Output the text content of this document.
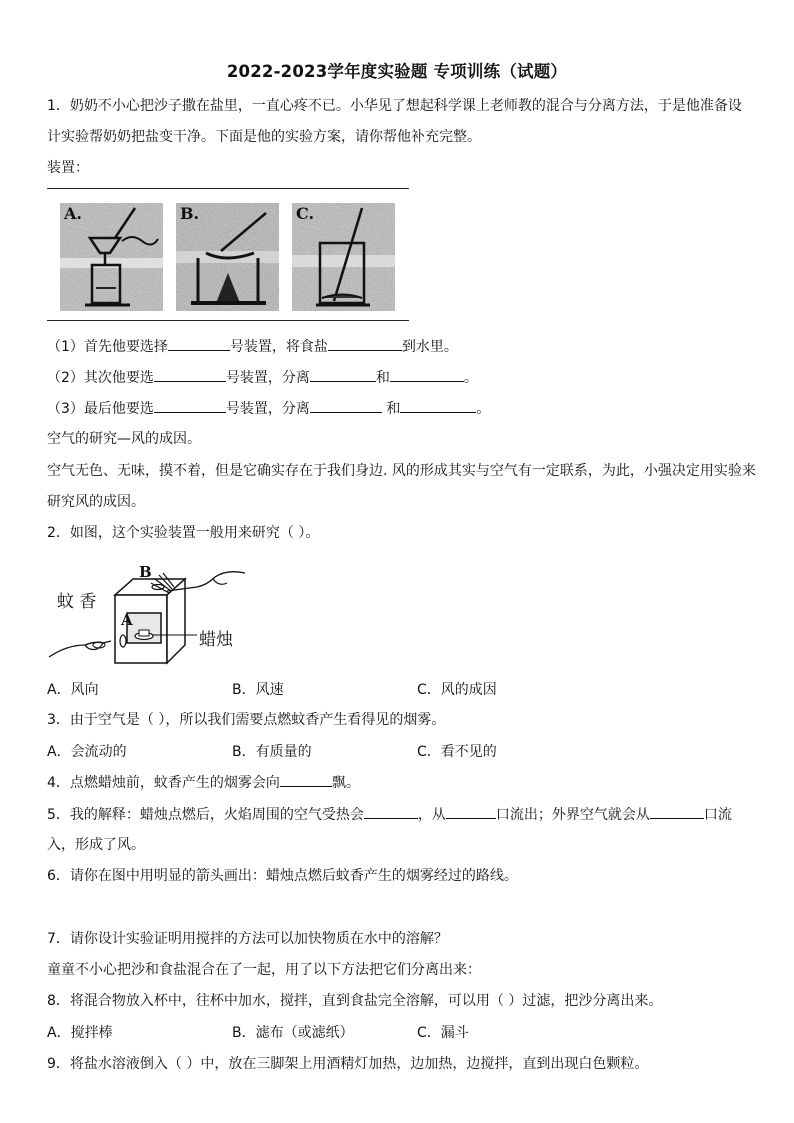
2022-2023学年度实验题 专项训练（试题）
1．奶奶不小心把沙子撒在盐里，一直心疼不已。小华见了想起科学课上老师教的混合与分离方法，于是他准备设
计实验帮奶奶把盐变干净。下面是他的实验方案，请你帮他补充完整。
装置：
A.	B.	C.
（1）首先他要选择	号装置，将食盐	到水里。
（2）其次他要选	号装置，分离	和	。
（3）最后他要选	号装置，分离	和	。
空气的研究—风的成因。
空气无色、无味，摸不着，但是它确实存在于我们身边. 风的形成其实与空气有一定联系，为此，小强决定用实验来
研究风的成因。
2．如图，这个实验装置一般用来研究（ ）。
蚊 香
A
B
蜡烛
A．风向	B．风速	C．风的成因
3．由于空气是（ ），所以我们需要点燃蚊香产生看得见的烟雾。
A．会流动的	B．有质量的	C．看不见的
4．点燃蜡烛前，蚊香产生的烟雾会向	飘。
5．我的解释：蜡烛点燃后，火焰周围的空气受热会	，从	口流出；外界空气就会从	口流
入，形成了风。
6．请你在图中用明显的箭头画出：蜡烛点燃后蚊香产生的烟雾经过的路线。
7．请你设计实验证明用搅拌的方法可以加快物质在水中的溶解？
童童不小心把沙和食盐混合在了一起，用了以下方法把它们分离出来：
8．将混合物放入杯中，往杯中加水，搅拌，直到食盐完全溶解，可以用（ ）过滤，把沙分离出来。
A．搅拌棒	B．滤布（或滤纸）	C．漏斗
9．将盐水溶液倒入（ ）中，放在三脚架上用酒精灯加热，边加热，边搅拌，直到出现白色颗粒。
